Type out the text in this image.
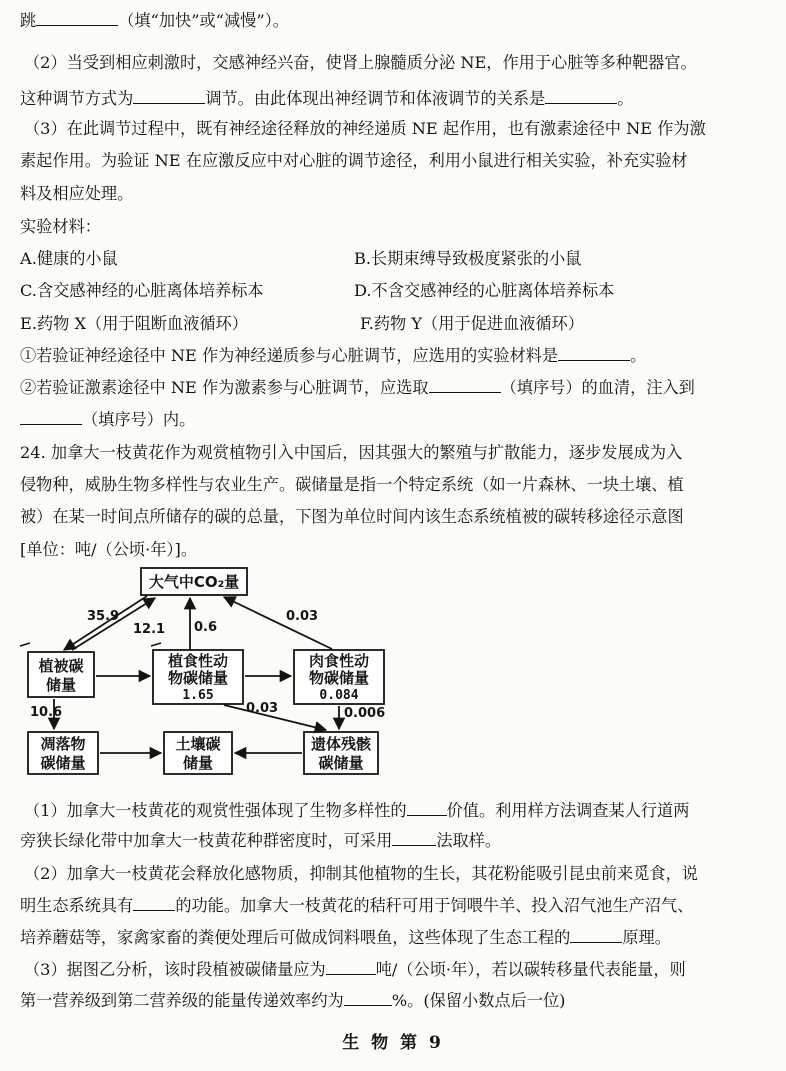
跳	（填“加快”或“减慢”）。
（2）当受到相应刺激时，交感神经兴奋，使肾上腺髓质分泌 NE，作用于心脏等多种靶器官。
这种调节方式为	调节。由此体现出神经调节和体液调节的关系是	。
（3）在此调节过程中，既有神经途径释放的神经递质 NE 起作用，也有激素途径中 NE 作为激
素起作用。为验证 NE 在应激反应中对心脏的调节途径，利用小鼠进行相关实验，补充实验材
料及相应处理。
实验材料：
A.健康的小鼠	B.长期束缚导致极度紧张的小鼠
C.含交感神经的心脏离体培养标本	D.不含交感神经的心脏离体培养标本
E.药物 X（用于阻断血液循环）	F.药物 Y（用于促进血液循环）
①若验证神经途径中 NE 作为神经递质参与心脏调节，应选用的实验材料是	。
②若验证激素途径中 NE 作为激素参与心脏调节，应选取	（填序号）的血清，注入到
（填序号）内。
24. 加拿大一枝黄花作为观赏植物引入中国后，因其强大的繁殖与扩散能力，逐步发展成为入
侵物种，威胁生物多样性与农业生产。碳储量是指一个特定系统（如一片森林、一块土壤、植
被）在某一时间点所储存的碳的总量，下图为单位时间内该生态系统植被的碳转移途径示意图
[单位：吨/（公顷·年）]。
大气中CO₂量
植被碳
储量
植食性动
物碳储量
1.65
肉食性动
物碳储量
0.084
凋落物
碳储量
土壤碳
储量
遗体残骸
碳储量
35.9
12.1 0.6
0.03
0.03	0.006
10.6
（1）加拿大一枝黄花的观赏性强体现了生物多样性的 价值。利用样方法调查某人行道两
旁狭长绿化带中加拿大一枝黄花种群密度时，可采用 	法取样。
（2）加拿大一枝黄花会释放化感物质，抑制其他植物的生长，其花粉能吸引昆虫前来觅食，说
明生态系统具有	的功能。加拿大一枝黄花的秸秆可用于饲喂牛羊、投入沼气池生产沼气、
培养蘑菇等，家禽家畜的粪便处理后可做成饲料喂鱼，这些体现了生态工程的	原理。
（3）据图乙分析，该时段植被碳储量应为	吨/（公顷·年），若以碳转移量代表能量，则
第一营养级到第二营养级的能量传递效率约为	%。(保留小数点后一位)
生 物 第 9
